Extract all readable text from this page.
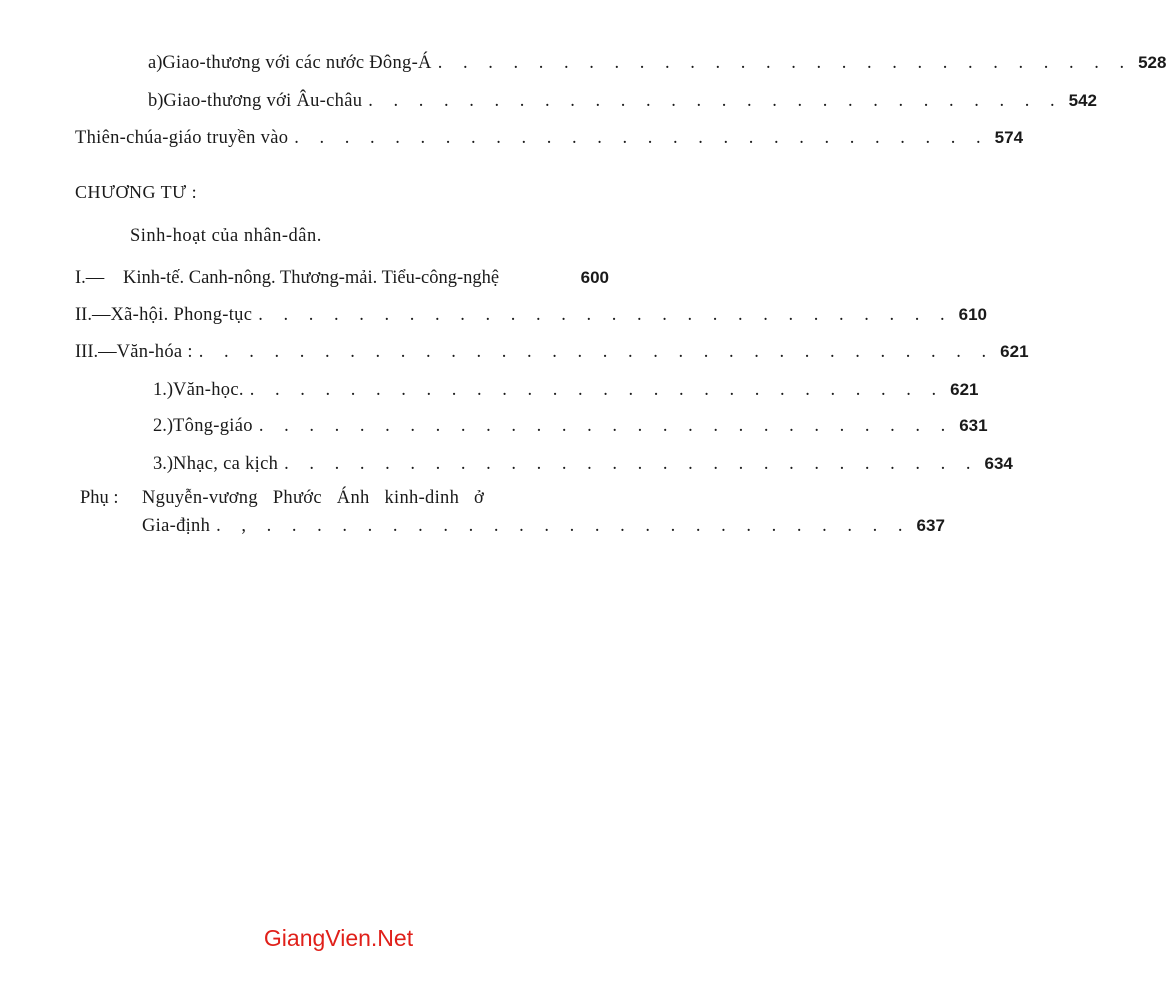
a) Giao-thương với các nước Đông-Á . . . . . . . . . . . . . . . . . . . . . . . . . . . . 528
b) Giao-thương với Âu-châu . . . . . . . . . . . . . . . . . . . . . . . . . . . . 542
Thiên-chúa-giáo truyền vào . . . . . . . . . . . . . . . . . . . . . . . . . . . . 574
CHƯƠNG TƯ :
Sinh-hoạt của nhân-dân.
I.—	Kinh-tế. Canh-nông. Thương-mải. Tiểu-công-nghệ	600
II.— Xã-hội. Phong-tục . . . . . . . . . . . . . . . . . . . . . . . . . . . . 610
III.— Văn-hóa : . . . . . . . . . . . . . . . . . . . . . . . . . . . . . . . . 621
1.) Văn-học. . . . . . . . . . . . . . . . . . . . . . . . . . . . . 621
2.) Tông-giáo . . . . . . . . . . . . . . . . . . . . . . . . . . . . 631
3.) Nhạc, ca kịch . . . . . . . . . . . . . . . . . . . . . . . . . . . . 634
Phụ :	Nguyễn-vương Phước Ánh kinh-dinh ở
Gia-định . , . . . . . . . . . . . . . . . . . . . . . . . . . . 637
GiangVien.Net
